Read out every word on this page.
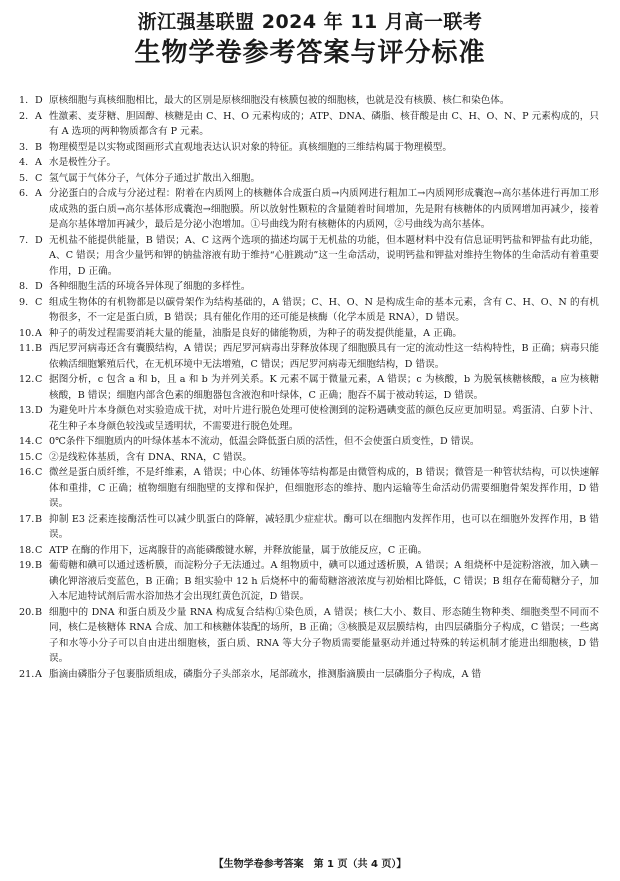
浙江强基联盟 2024 年 11 月高一联考
生物学卷参考答案与评分标准
1. D 原核细胞与真核细胞相比，最大的区别是原核细胞没有核膜包被的细胞核，也就是没有核膜、核仁和染色体。
2. A 性激素、麦芽糖、胆固醇、核糖是由 C、H、O 元素构成的；ATP、DNA、磷脂、核苷酸是由 C、H、O、N、P 元素构成的，只有 A 选项的两种物质都含有 P 元素。
3. B 物理模型是以实物或图画形式直观地表达认识对象的特征。真核细胞的三维结构属于物理模型。
4. A 水是极性分子。
5. C 氢气属于气体分子，气体分子通过扩散出入细胞。
6. A 分泌蛋白的合成与分泌过程：附着在内质网上的核糖体合成蛋白质→内质网进行粗加工→内质网形成囊泡→高尔基体进行再加工形成成熟的蛋白质→高尔基体形成囊泡→细胞膜。所以放射性颗粒的含量随着时间增加，先是附有核糖体的内质网增加再减少，接着是高尔基体增加再减少，最后是分泌小泡增加。①号曲线为附有核糖体的内质网，②号曲线为高尔基体。
7. D 无机盐不能提供能量，B 错误；A、C 这两个选项的描述均属于无机盐的功能，但本题材料中没有信息证明钙盐和钾盐有此功能，A、C 错误；用含少量钙和钾的钠盐溶液有助于维持“心脏跳动”这一生命活动，说明钙盐和钾盐对维持生物体的生命活动有着重要作用，D 正确。
8. D 各种细胞生活的环境各异体现了细胞的多样性。
9. C 组成生物体的有机物都是以碳骨架作为结构基础的，A 错误；C、H、O、N 是构成生命的基本元素，含有 C、H、O、N 的有机物很多，不一定是蛋白质，B 错误；具有催化作用的还可能是核酶（化学本质是 RNA），D 错误。
10. A 种子的萌发过程需要消耗大量的能量，油脂是良好的储能物质，为种子的萌发提供能量，A 正确。
11. B 西尼罗河病毒还含有囊膜结构，A 错误；西尼罗河病毒出芽释放体现了细胞膜具有一定的流动性这一结构特性，B 正确；病毒只能依赖活细胞繁殖后代，在无机环境中无法增殖，C 错误；西尼罗河病毒无细胞结构，D 错误。
12. C 据图分析，c 包含 a 和 b，且 a 和 b 为并列关系。K 元素不属于微量元素，A 错误；c 为核酸，b 为脱氧核糖核酸，a 应为核糖核酸，B 错误；细胞内部含色素的细胞器包含液泡和叶绿体，C 正确；胞吞不属于被动转运，D 错误。
13. D 为避免叶片本身颜色对实验造成干扰，对叶片进行脱色处理可使检测到的淀粉遇碘变蓝的颜色反应更加明显。鸡蛋清、白萝卜汁、花生种子本身颜色较浅或呈透明状，不需要进行脱色处理。
14. C 0℃条件下细胞质内的叶绿体基本不流动，低温会降低蛋白质的活性，但不会使蛋白质变性，D 错误。
15. C ②是线粒体基质，含有 DNA、RNA，C 错误。
16. C 微丝是蛋白质纤维，不是纤维素，A 错误；中心体、纺锤体等结构都是由微管构成的，B 错误；微管是一种管状结构，可以快速解体和重排，C 正确；植物细胞有细胞壁的支撑和保护，但细胞形态的维持、胞内运输等生命活动仍需要细胞骨架发挥作用，D 错误。
17. B 抑制 E3 泛素连接酶活性可以减少肌蛋白的降解，减轻肌少症症状。酶可以在细胞内发挥作用，也可以在细胞外发挥作用，B 错误。
18. C ATP 在酶的作用下，远离腺苷的高能磷酸键水解，并释放能量，属于放能反应，C 正确。
19. B 葡萄糖和碘可以通过透析膜，而淀粉分子无法通过。A 组物质中，碘可以通过透析膜，A 错误；A 组烧杯中是淀粉溶液，加入碘－碘化钾溶液后变蓝色，B 正确；B 组实验中 12 h 后烧杯中的葡萄糖溶液浓度与初始相比降低，C 错误；B 组存在葡萄糖分子，加入本尼迪特试剂后需水浴加热才会出现红黄色沉淀，D 错误。
20. B 细胞中的 DNA 和蛋白质及少量 RNA 构成复合结构①染色质，A 错误；核仁大小、数目、形态随生物种类、细胞类型不同而不同，核仁是核糖体 RNA 合成、加工和核糖体装配的场所，B 正确；③核膜是双层膜结构，由四层磷脂分子构成，C 错误；一些离子和水等小分子可以自由进出细胞核，蛋白质、RNA 等大分子物质需要能量驱动并通过特殊的转运机制才能进出细胞核，D 错误。
21. A 脂滴由磷脂分子包裹脂质组成，磷脂分子头部亲水，尾部疏水，推测脂滴膜由一层磷脂分子构成，A 错
【生物学卷参考答案　第 1 页（共 4 页）】
